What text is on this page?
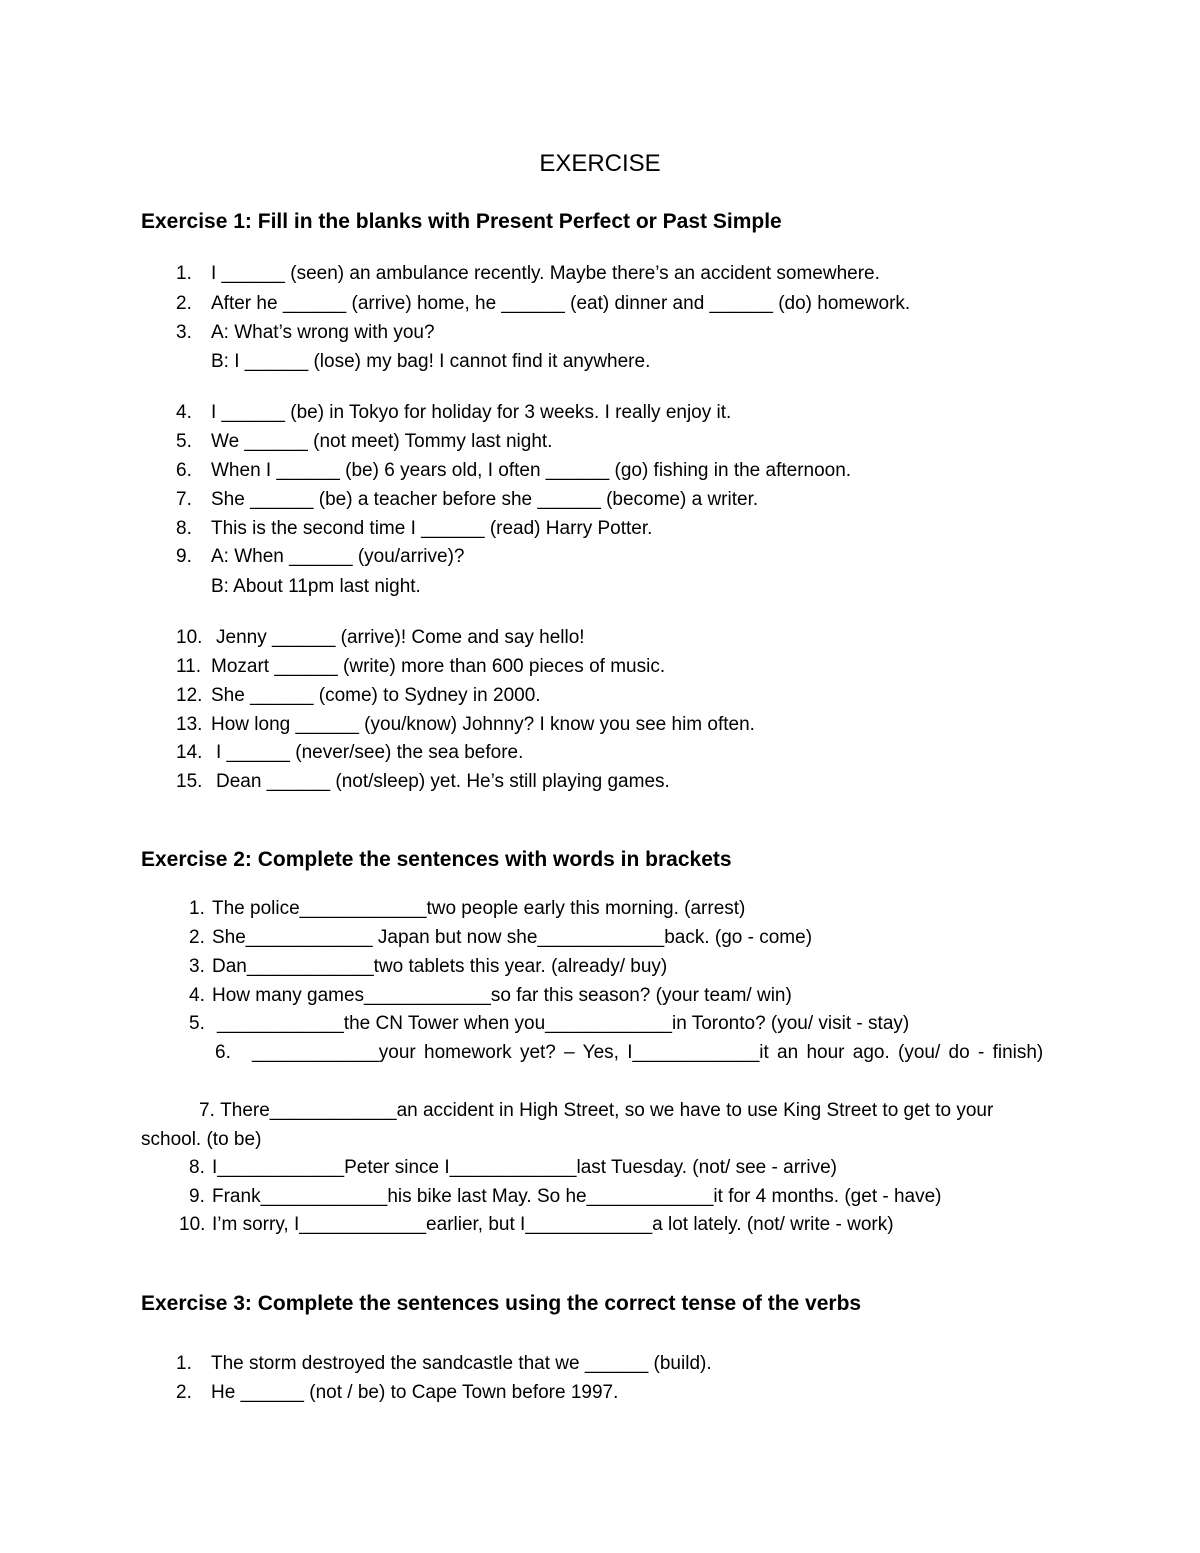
EXERCISE
Exercise 1: Fill in the blanks with Present Perfect or Past Simple
1. I ______ (seen) an ambulance recently. Maybe there’s an accident somewhere.
2. After he ______ (arrive) home, he ______ (eat) dinner and ______ (do) homework.
3. A: What’s wrong with you?
B: I ______ (lose) my bag! I cannot find it anywhere.
4. I ______ (be) in Tokyo for holiday for 3 weeks. I really enjoy it.
5. We ______ (not meet) Tommy last night.
6. When I ______ (be) 6 years old, I often ______ (go) fishing in the afternoon.
7. She ______ (be) a teacher before she ______ (become) a writer.
8. This is the second time I ______ (read) Harry Potter.
9. A: When ______ (you/arrive)?
B: About 11pm last night.
10. Jenny ______ (arrive)! Come and say hello!
11. Mozart ______ (write) more than 600 pieces of music.
12. She ______ (come) to Sydney in 2000.
13. How long ______ (you/know) Johnny? I know you see him often.
14. I ______ (never/see) the sea before.
15. Dean ______ (not/sleep) yet. He’s still playing games.
Exercise 2: Complete the sentences with words in brackets
1. The police____________two people early this morning. (arrest)
2. She____________ Japan but now she____________back. (go - come)
3. Dan____________two tablets this year. (already/ buy)
4. How many games____________so far this season? (your team/ win)
5. ____________the CN Tower when you____________in Toronto? (you/ visit - stay)
6. ____________your homework yet? – Yes, I____________it an hour ago. (you/ do - finish)
7. There____________an accident in High Street, so we have to use King Street to get to your school. (to be)
8. I____________Peter since I____________last Tuesday. (not/ see - arrive)
9. Frank____________his bike last May. So he____________it for 4 months. (get - have)
10. I’m sorry, I____________earlier, but I____________a lot lately. (not/ write - work)
Exercise 3: Complete the sentences using the correct tense of the verbs
1. The storm destroyed the sandcastle that we ______ (build).
2. He ______ (not / be) to Cape Town before 1997.
